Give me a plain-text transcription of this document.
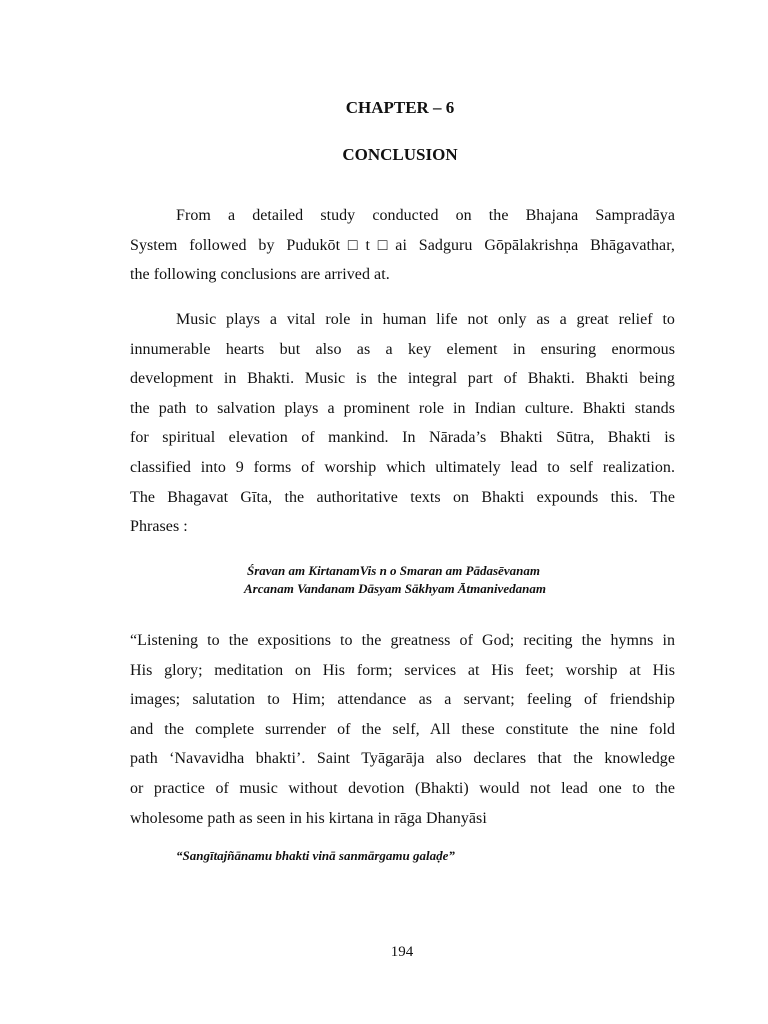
CHAPTER – 6
CONCLUSION
From a detailed study conducted on the Bhajana Sampradāya
System followed by Pudukōt□t□ai Sadguru Gōpālakrishṇa Bhāgavathar,
the following conclusions are arrived at.
Music plays a vital role in human life not only as a great relief to
innumerable hearts but also as a key element in ensuring enormous
development in Bhakti. Music is the integral part of Bhakti. Bhakti being
the path to salvation plays a prominent role in Indian culture. Bhakti stands
for spiritual elevation of mankind. In Nārada’s Bhakti Sūtra, Bhakti is
classified into 9 forms of worship which ultimately lead to self realization.
The Bhagavat Gīta, the authoritative texts on Bhakti expounds this. The
Phrases :

Śravan am KirtanamVis n o Smaran am Pādasēvanam

Arcanam Vandanam Dāsyam Sākhyam Ātmanivedanam

“Listening to the expositions to the greatness of God; reciting the hymns in
His glory; meditation on His form; services at His feet; worship at His
images; salutation to Him; attendance as a servant; feeling of friendship
and the complete surrender of the self, All these constitute the nine fold
path ‘Navavidha bhakti’. Saint Tyāgarāja also declares that the knowledge
or practice of music without devotion (Bhakti) would not lead one to the
wholesome path as seen in his kirtana in rāga Dhanyāsi

“Sangītajñānamu bhakti vinā sanmārgamu galaḍe”

194
